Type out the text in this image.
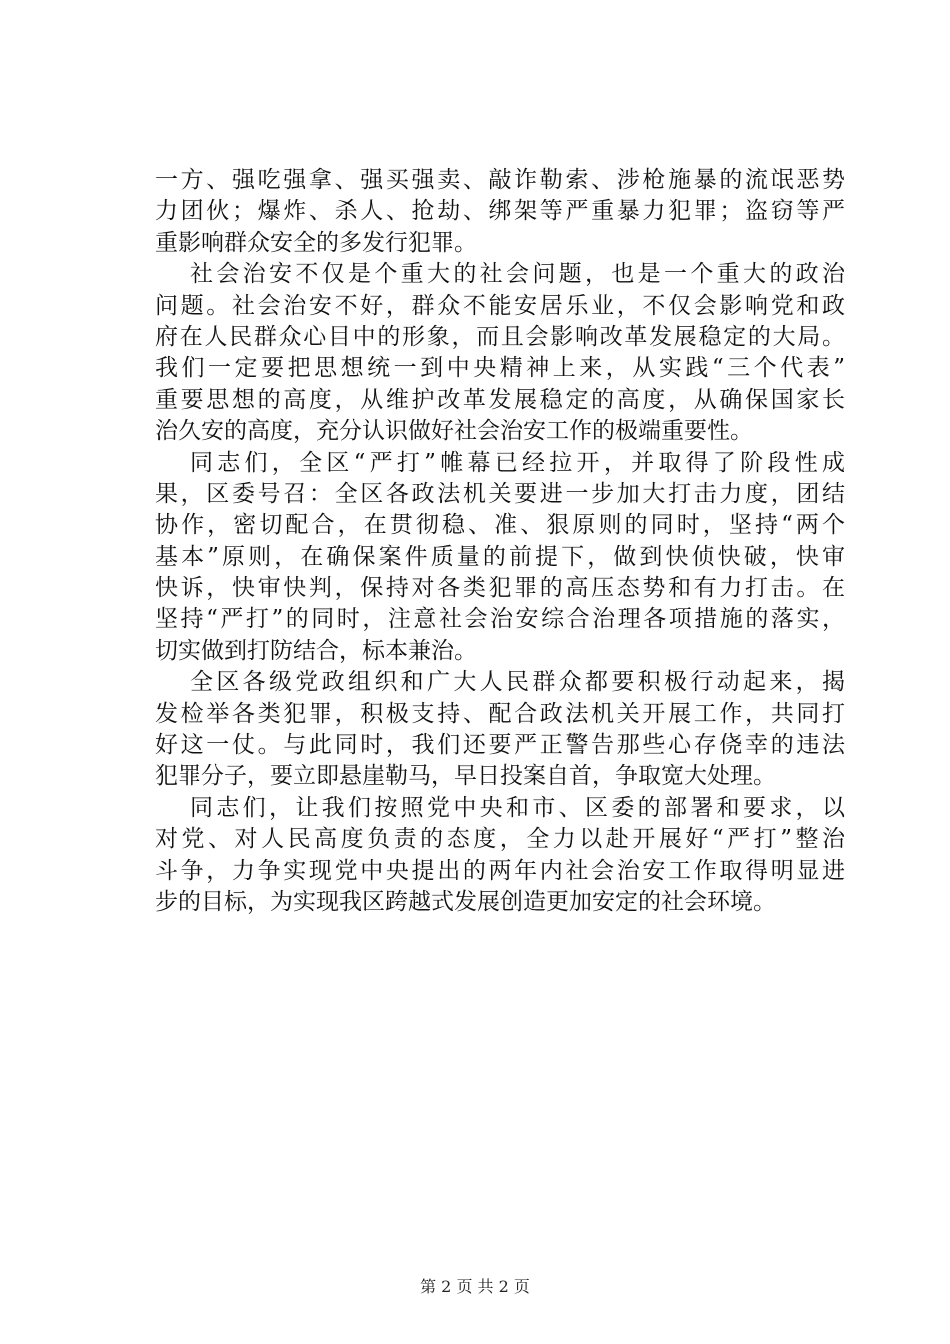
一方、强吃强拿、强买强卖、敲诈勒索、涉枪施暴的流氓恶势
力团伙；爆炸、杀人、抢劫、绑架等严重暴力犯罪；盗窃等严
重影响群众安全的多发行犯罪。
社会治安不仅是个重大的社会问题，也是一个重大的政治
问题。社会治安不好，群众不能安居乐业，不仅会影响党和政
府在人民群众心目中的形象，而且会影响改革发展稳定的大局。
我们一定要把思想统一到中央精神上来，从实践“三个代表”
重要思想的高度，从维护改革发展稳定的高度，从确保国家长
治久安的高度，充分认识做好社会治安工作的极端重要性。
同志们，全区“严打”帷幕已经拉开，并取得了阶段性成
果，区委号召：全区各政法机关要进一步加大打击力度，团结
协作，密切配合，在贯彻稳、准、狠原则的同时，坚持“两个
基本”原则，在确保案件质量的前提下，做到快侦快破，快审
快诉，快审快判，保持对各类犯罪的高压态势和有力打击。在
坚持“严打”的同时，注意社会治安综合治理各项措施的落实，
切实做到打防结合，标本兼治。
全区各级党政组织和广大人民群众都要积极行动起来，揭
发检举各类犯罪，积极支持、配合政法机关开展工作，共同打
好这一仗。与此同时，我们还要严正警告那些心存侥幸的违法
犯罪分子，要立即悬崖勒马，早日投案自首，争取宽大处理。
同志们，让我们按照党中央和市、区委的部署和要求，以
对党、对人民高度负责的态度，全力以赴开展好“严打”整治
斗争，力争实现党中央提出的两年内社会治安工作取得明显进
步的目标，为实现我区跨越式发展创造更加安定的社会环境。
第 2 页 共 2 页
